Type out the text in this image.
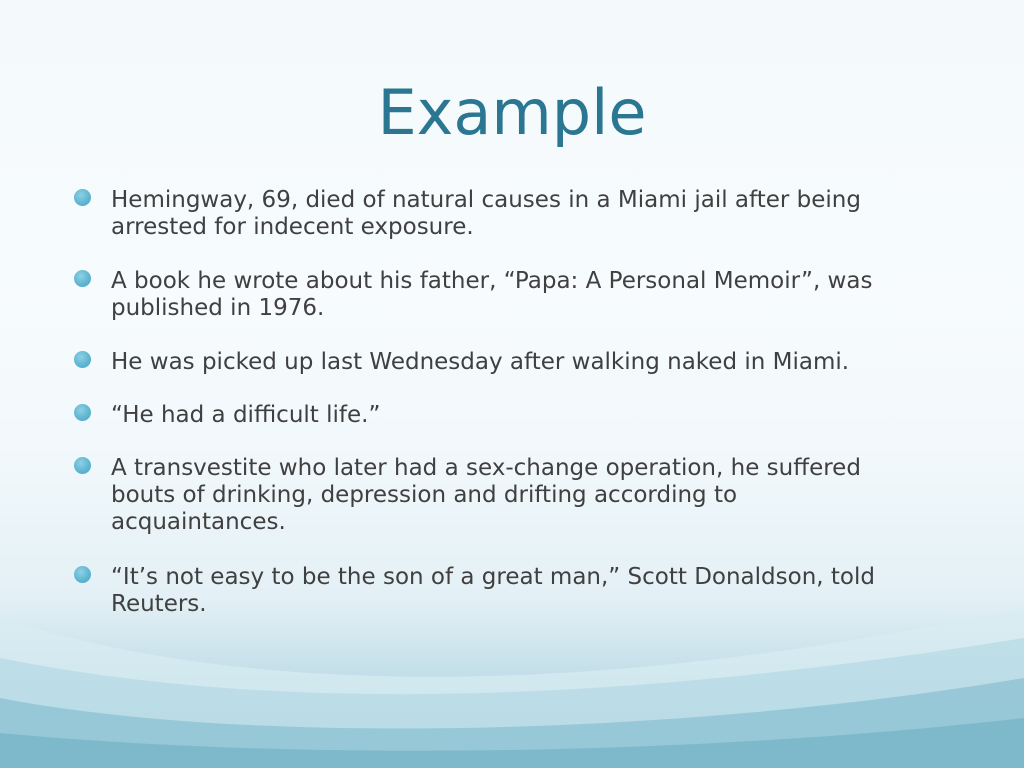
Example
Hemingway, 69, died of natural causes in a Miami jail after being arrested for indecent exposure.
A book he wrote about his father, “Papa: A Personal Memoir”, was published in 1976.
He was picked up last Wednesday after walking naked in Miami.
“He had a difficult life.”
A transvestite who later had a sex-change operation, he suffered bouts of drinking, depression and drifting according to acquaintances.
“It’s not easy to be the son of a great man,” Scott Donaldson, told Reuters.
